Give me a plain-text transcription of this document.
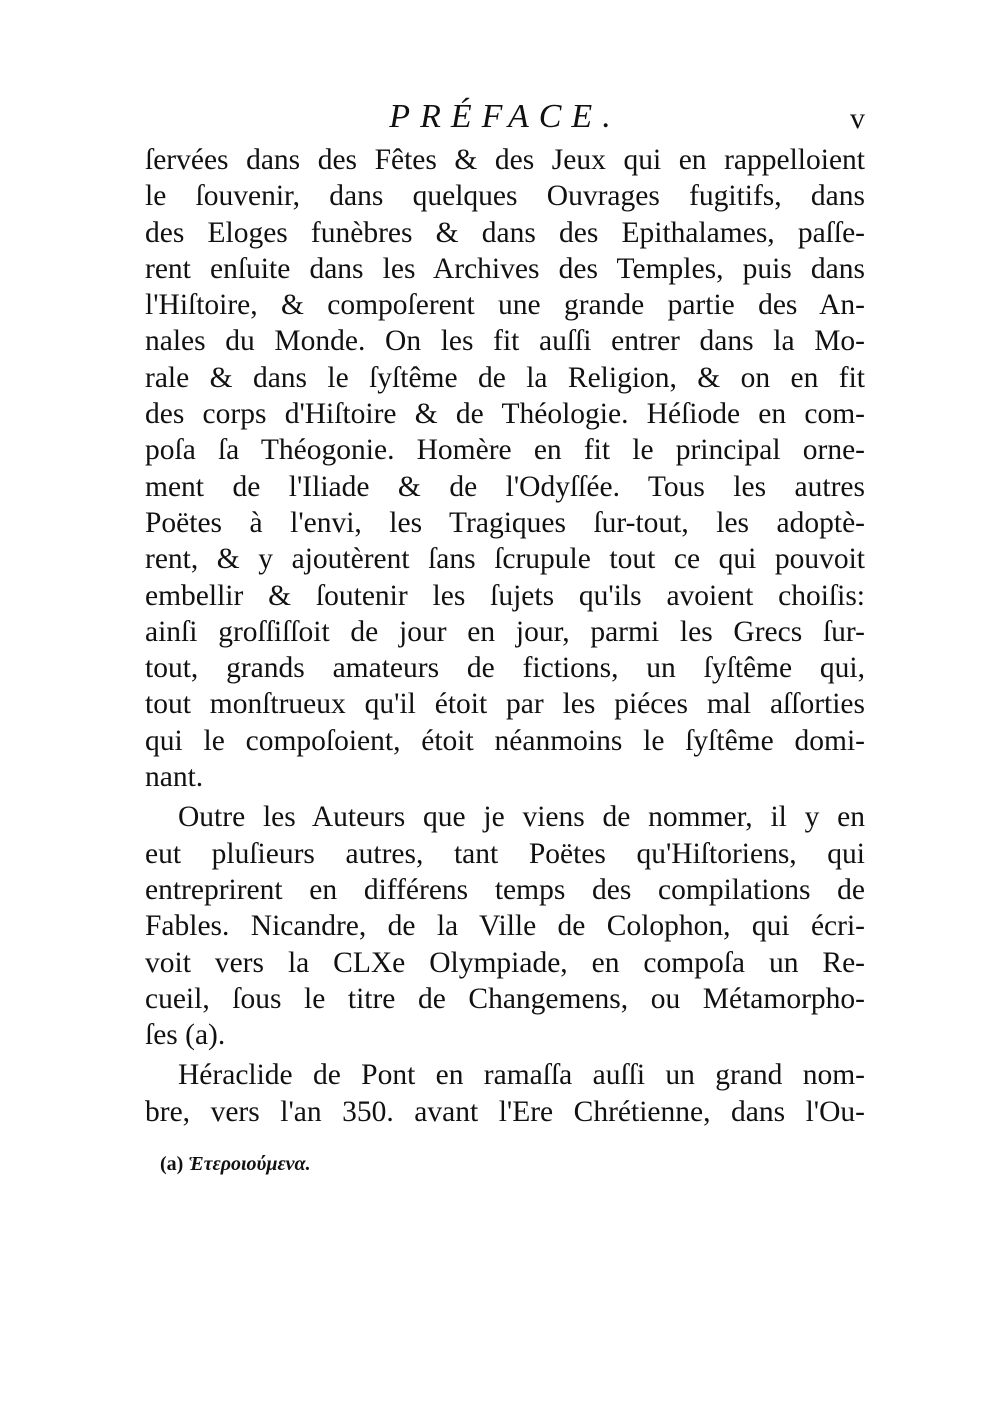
PRÉFACE.	v
ſervées dans des Fêtes & des Jeux qui en rappelloient
le ſouvenir, dans quelques Ouvrages fugitifs, dans
des Eloges funèbres & dans des Epithalames, paſſe-
rent enſuite dans les Archives des Temples, puis dans
l'Hiſtoire, & compoſerent une grande partie des An-
nales du Monde. On les fit auſſi entrer dans la Mo-
rale & dans le ſyſtême de la Religion, & on en fit
des corps d'Hiſtoire & de Théologie. Héſiode en com-
poſa ſa Théogonie. Homère en fit le principal orne-
ment de l'Iliade & de l'Odyſſée. Tous les autres
Poëtes à l'envi, les Tragiques ſur-tout, les adoptè-
rent, & y ajoutèrent ſans ſcrupule tout ce qui pouvoit
embellir & ſoutenir les ſujets qu'ils avoient choiſis:
ainſi groſſiſſoit de jour en jour, parmi les Grecs ſur-
tout, grands amateurs de fictions, un ſyſtême qui,
tout monſtrueux qu'il étoit par les piéces mal aſſorties
qui le compoſoient, étoit néanmoins le ſyſtême domi-
nant.
Outre les Auteurs que je viens de nommer, il y en
eut pluſieurs autres, tant Poëtes qu'Hiſtoriens, qui
entreprirent en différens temps des compilations de
Fables. Nicandre, de la Ville de Colophon, qui écri-
voit vers la CLXe Olympiade, en compoſa un Re-
cueil, ſous le titre de Changemens, ou Métamorpho-
ſes (a).
Héraclide de Pont en ramaſſa auſſi un grand nom-
bre, vers l'an 350. avant l'Ere Chrétienne, dans l'Ou-
(a) Ἑτεροιούμενα.
